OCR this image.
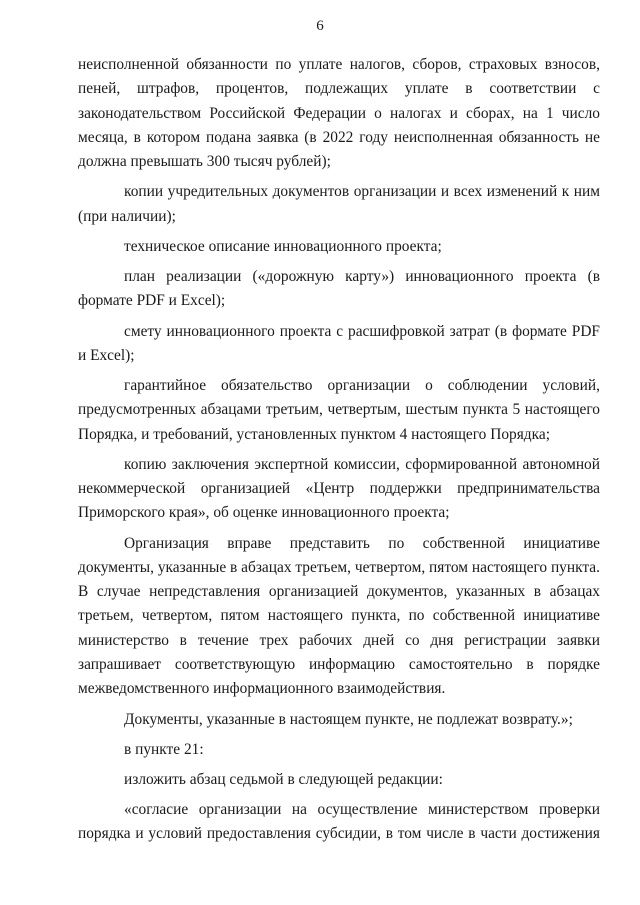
6

неисполненной обязанности по уплате налогов, сборов, страховых взносов, пеней, штрафов, процентов, подлежащих уплате в соответствии с законодательством Российской Федерации о налогах и сборах, на 1 число месяца, в котором подана заявка (в 2022 году неисполненная обязанность не должна превышать 300 тысяч рублей);

копии учредительных документов организации и всех изменений к ним (при наличии);

техническое описание инновационного проекта;

план реализации («дорожную карту») инновационного проекта (в формате PDF и Excel);

смету инновационного проекта с расшифровкой затрат (в формате PDF и Excel);

гарантийное обязательство организации о соблюдении условий, предусмотренных абзацами третьим, четвертым, шестым пункта 5 настоящего Порядка, и требований, установленных пунктом 4 настоящего Порядка;

копию заключения экспертной комиссии, сформированной автономной некоммерческой организацией «Центр поддержки предпринимательства Приморского края», об оценке инновационного проекта;

Организация вправе представить по собственной инициативе документы, указанные в абзацах третьем, четвертом, пятом настоящего пункта. В случае непредставления организацией документов, указанных в абзацах третьем, четвертом, пятом настоящего пункта, по собственной инициативе министерство в течение трех рабочих дней со дня регистрации заявки запрашивает соответствующую информацию самостоятельно в порядке межведомственного информационного взаимодействия.

Документы, указанные в настоящем пункте, не подлежат возврату.»;

в пункте 21:

изложить абзац седьмой в следующей редакции:

«согласие организации на осуществление министерством проверки порядка и условий предоставления субсидии, в том числе в части достижения
